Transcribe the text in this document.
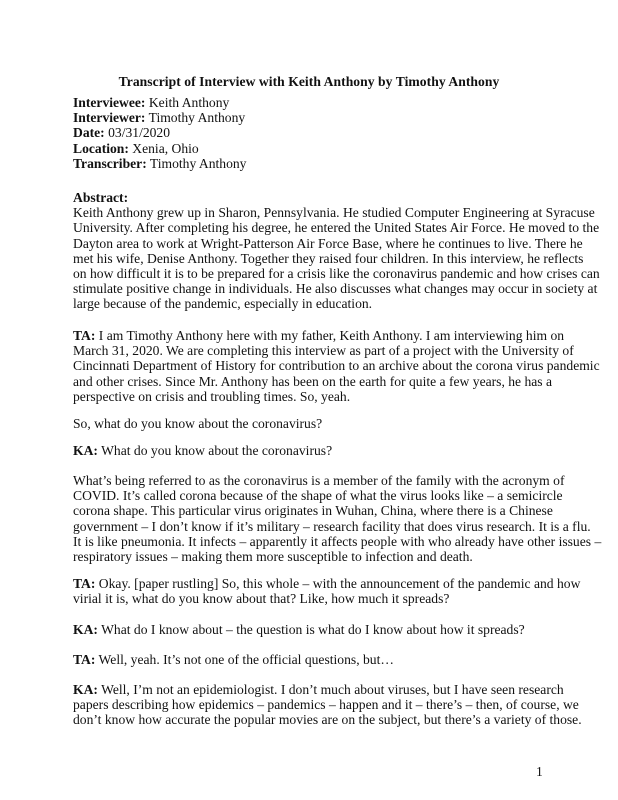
Transcript of Interview with Keith Anthony by Timothy Anthony
Interviewee: Keith Anthony
Interviewer: Timothy Anthony
Date: 03/31/2020
Location: Xenia, Ohio
Transcriber: Timothy Anthony
Abstract:
Keith Anthony grew up in Sharon, Pennsylvania. He studied Computer Engineering at Syracuse
University. After completing his degree, he entered the United States Air Force. He moved to the
Dayton area to work at Wright-Patterson Air Force Base, where he continues to live. There he
met his wife, Denise Anthony. Together they raised four children. In this interview, he reflects
on how difficult it is to be prepared for a crisis like the coronavirus pandemic and how crises can
stimulate positive change in individuals. He also discusses what changes may occur in society at
large because of the pandemic, especially in education.
TA: I am Timothy Anthony here with my father, Keith Anthony. I am interviewing him on
March 31, 2020. We are completing this interview as part of a project with the University of
Cincinnati Department of History for contribution to an archive about the corona virus pandemic
and other crises. Since Mr. Anthony has been on the earth for quite a few years, he has a
perspective on crisis and troubling times. So, yeah.
So, what do you know about the coronavirus?
KA: What do you know about the coronavirus?
What’s being referred to as the coronavirus is a member of the family with the acronym of
COVID. It’s called corona because of the shape of what the virus looks like – a semicircle
corona shape. This particular virus originates in Wuhan, China, where there is a Chinese
government – I don’t know if it’s military – research facility that does virus research. It is a flu.
It is like pneumonia. It infects – apparently it affects people with who already have other issues –
respiratory issues – making them more susceptible to infection and death.
TA: Okay. [paper rustling] So, this whole – with the announcement of the pandemic and how
virial it is, what do you know about that? Like, how much it spreads?
KA: What do I know about – the question is what do I know about how it spreads?
TA: Well, yeah. It’s not one of the official questions, but…
KA: Well, I’m not an epidemiologist. I don’t much about viruses, but I have seen research
papers describing how epidemics – pandemics – happen and it – there’s – then, of course, we
don’t know how accurate the popular movies are on the subject, but there’s a variety of those.
1
